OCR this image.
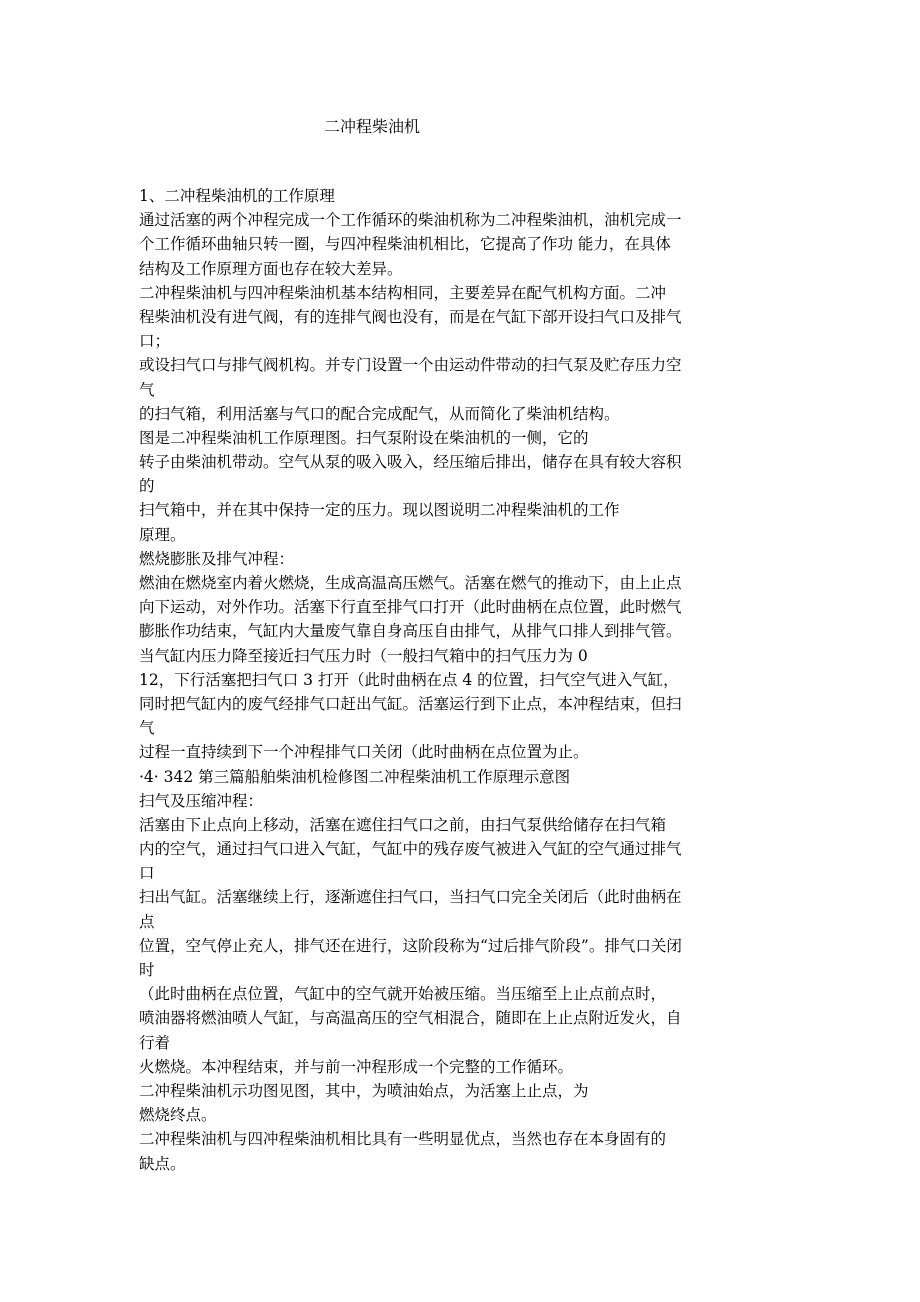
二冲程柴油机
1、二冲程柴油机的工作原理
通过活塞的两个冲程完成一个工作循环的柴油机称为二冲程柴油机，油机完成一
个工作循环曲轴只转一圈，与四冲程柴油机相比，它提高了作功 能力，在具体
结构及工作原理方面也存在较大差异。
二冲程柴油机与四冲程柴油机基本结构相同，主要差异在配气机构方面。二冲
程柴油机没有进气阀，有的连排气阀也没有，而是在气缸下部开设扫气口及排气
口；
或设扫气口与排气阀机构。并专门设置一个由运动件带动的扫气泵及贮存压力空
气
的扫气箱，利用活塞与气口的配合完成配气，从而简化了柴油机结构。
图是二冲程柴油机工作原理图。扫气泵附设在柴油机的一侧，它的
转子由柴油机带动。空气从泵的吸入吸入，经压缩后排出，储存在具有较大容积
的
扫气箱中，并在其中保持一定的压力。现以图说明二冲程柴油机的工作
原理。
燃烧膨胀及排气冲程：
燃油在燃烧室内着火燃烧，生成高温高压燃气。活塞在燃气的推动下，由上止点
向下运动，对外作功。活塞下行直至排气口打开（此时曲柄在点位置，此时燃气
膨胀作功结束，气缸内大量废气靠自身高压自由排气，从排气口排人到排气管。
当气缸内压力降至接近扫气压力时（一般扫气箱中的扫气压力为 0
12，下行活塞把扫气口 3 打开（此时曲柄在点 4 的位置，扫气空气进入气缸，
同时把气缸内的废气经排气口赶出气缸。活塞运行到下止点，本冲程结束，但扫
气
过程一直持续到下一个冲程排气口关闭（此时曲柄在点位置为止。
·4· 342 第三篇船舶柴油机检修图二冲程柴油机工作原理示意图
扫气及压缩冲程：
活塞由下止点向上移动，活塞在遮住扫气口之前，由扫气泵供给储存在扫气箱
内的空气，通过扫气口进入气缸，气缸中的残存废气被进入气缸的空气通过排气
口
扫出气缸。活塞继续上行，逐渐遮住扫气口，当扫气口完全关闭后（此时曲柄在
点
位置，空气停止充人，排气还在进行，这阶段称为“过后排气阶段”。排气口关闭
时
（此时曲柄在点位置，气缸中的空气就开始被压缩。当压缩至上止点前点时，
喷油器将燃油喷人气缸，与高温高压的空气相混合，随即在上止点附近发火，自
行着
火燃烧。本冲程结束，并与前一冲程形成一个完整的工作循环。
二冲程柴油机示功图见图，其中，为喷油始点，为活塞上止点，为
燃烧终点。
二冲程柴油机与四冲程柴油机相比具有一些明显优点，当然也存在本身固有的
缺点。
